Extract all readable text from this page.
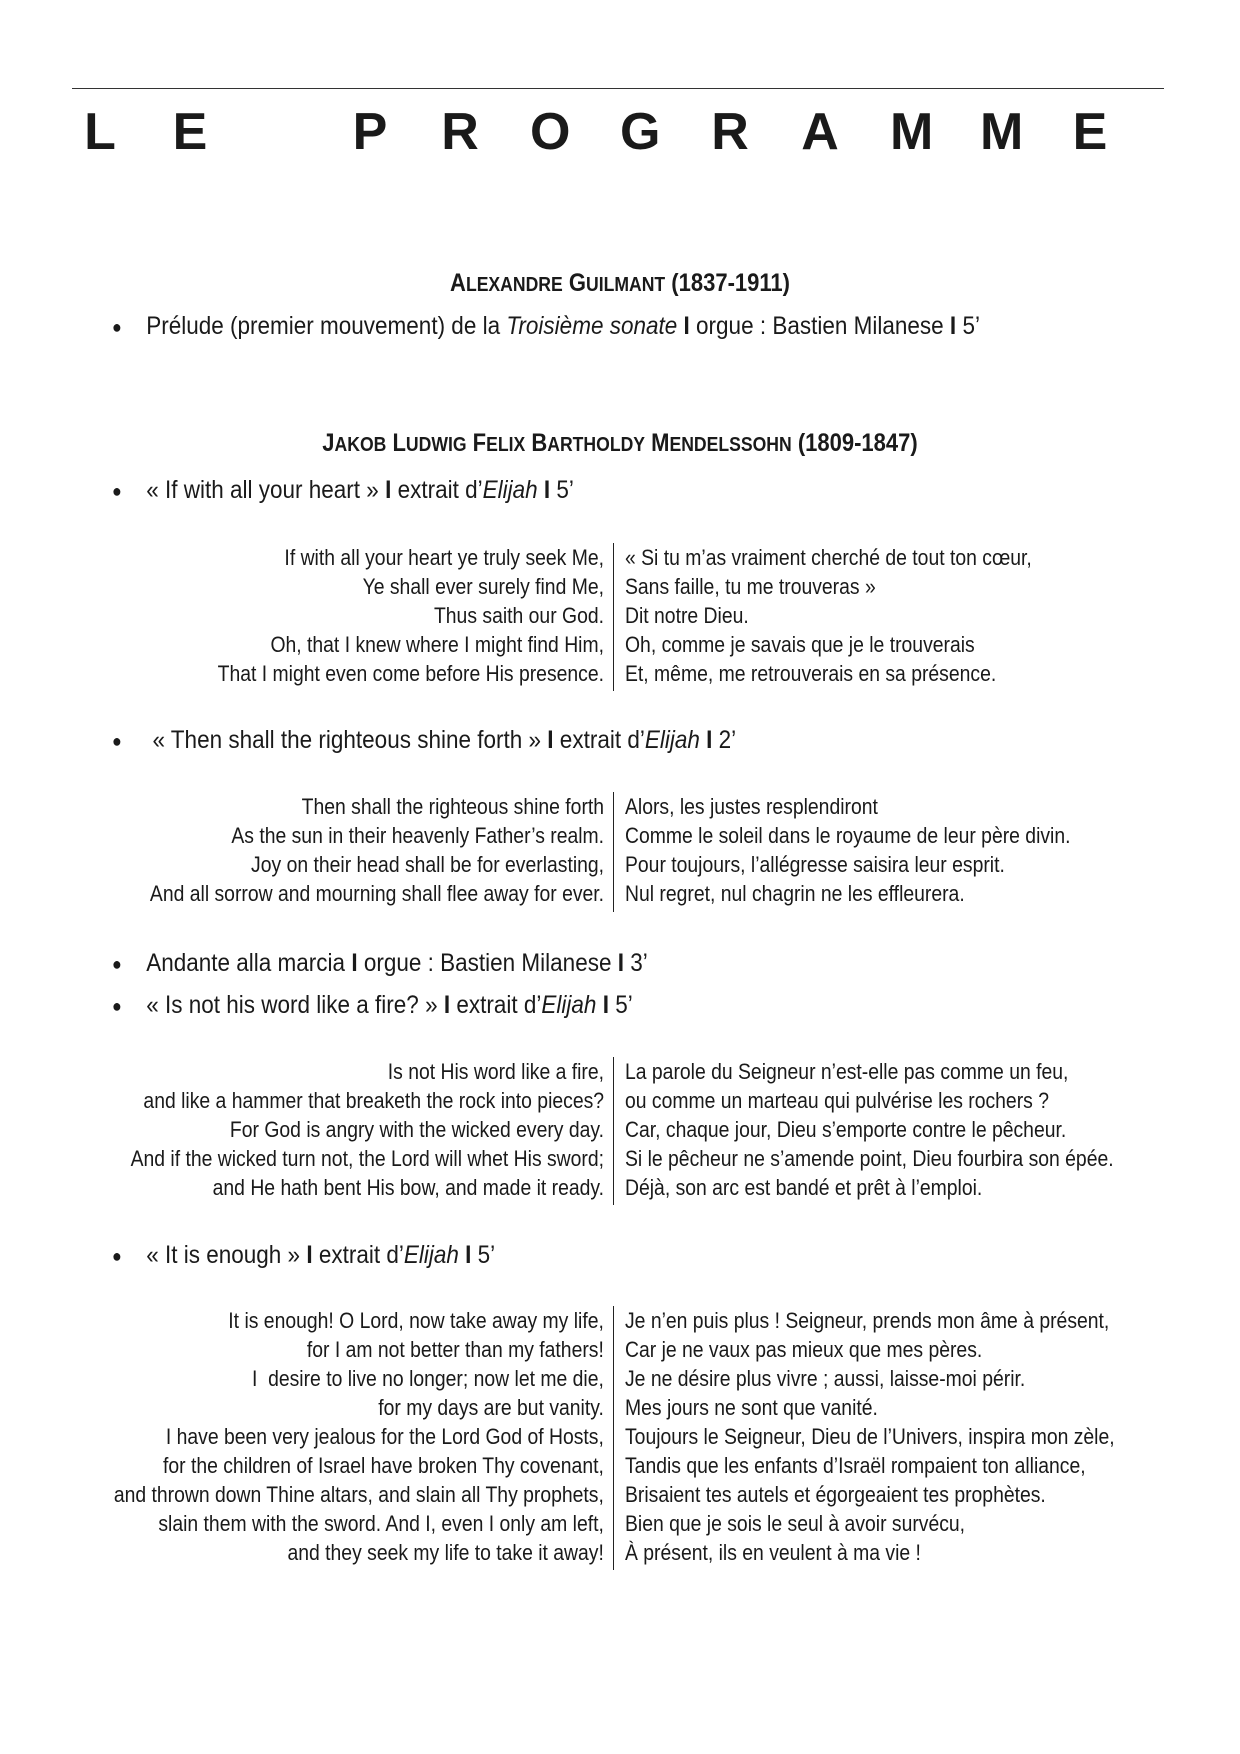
L E	P R O G R A M M E
ALEXANDRE GUILMANT (1837-1911)
● Prélude (premier mouvement) de la Troisième sonate I orgue : Bastien Milanese I 5’
JAKOB LUDWIG FELIX BARTHOLDY MENDELSSOHN (1809-1847)
● « If with all your heart » I extrait d’Elijah I 5’
If with all your heart ye truly seek Me,
Ye shall ever surely find Me,
Thus saith our God.
Oh, that I knew where I might find Him,
That I might even come before His presence.
« Si tu m’as vraiment cherché de tout ton cœur,
Sans faille, tu me trouveras »
Dit notre Dieu.
Oh, comme je savais que je le trouverais
Et, même, me retrouverais en sa présence.
● « Then shall the righteous shine forth » I extrait d’Elijah I 2’
Then shall the righteous shine forth
As the sun in their heavenly Father’s realm.
Joy on their head shall be for everlasting,
And all sorrow and mourning shall flee away for ever.
Alors, les justes resplendiront
Comme le soleil dans le royaume de leur père divin.
Pour toujours, l’allégresse saisira leur esprit.
Nul regret, nul chagrin ne les effleurera.
● Andante alla marcia I orgue : Bastien Milanese I 3’
● « Is not his word like a fire? » I extrait d’Elijah I 5’
Is not His word like a fire,
and like a hammer that breaketh the rock into pieces?
For God is angry with the wicked every day.
And if the wicked turn not, the Lord will whet His sword;
and He hath bent His bow, and made it ready.
La parole du Seigneur n’est-elle pas comme un feu,
ou comme un marteau qui pulvérise les rochers ?
Car, chaque jour, Dieu s’emporte contre le pêcheur.
Si le pêcheur ne s’amende point, Dieu fourbira son épée.
Déjà, son arc est bandé et prêt à l’emploi.
● « It is enough » I extrait d’Elijah I 5’
It is enough! O Lord, now take away my life,
for I am not better than my fathers!
I  desire to live no longer; now let me die,
for my days are but vanity.
I have been very jealous for the Lord God of Hosts,
for the children of Israel have broken Thy covenant,
and thrown down Thine altars, and slain all Thy prophets,
slain them with the sword. And I, even I only am left,
and they seek my life to take it away!
Je n’en puis plus ! Seigneur, prends mon âme à présent,
Car je ne vaux pas mieux que mes pères.
Je ne désire plus vivre ; aussi, laisse-moi périr.
Mes jours ne sont que vanité.
Toujours le Seigneur, Dieu de l’Univers, inspira mon zèle,
Tandis que les enfants d’Israël rompaient ton alliance,
Brisaient tes autels et égorgeaient tes prophètes.
Bien que je sois le seul à avoir survécu,
À présent, ils en veulent à ma vie !
